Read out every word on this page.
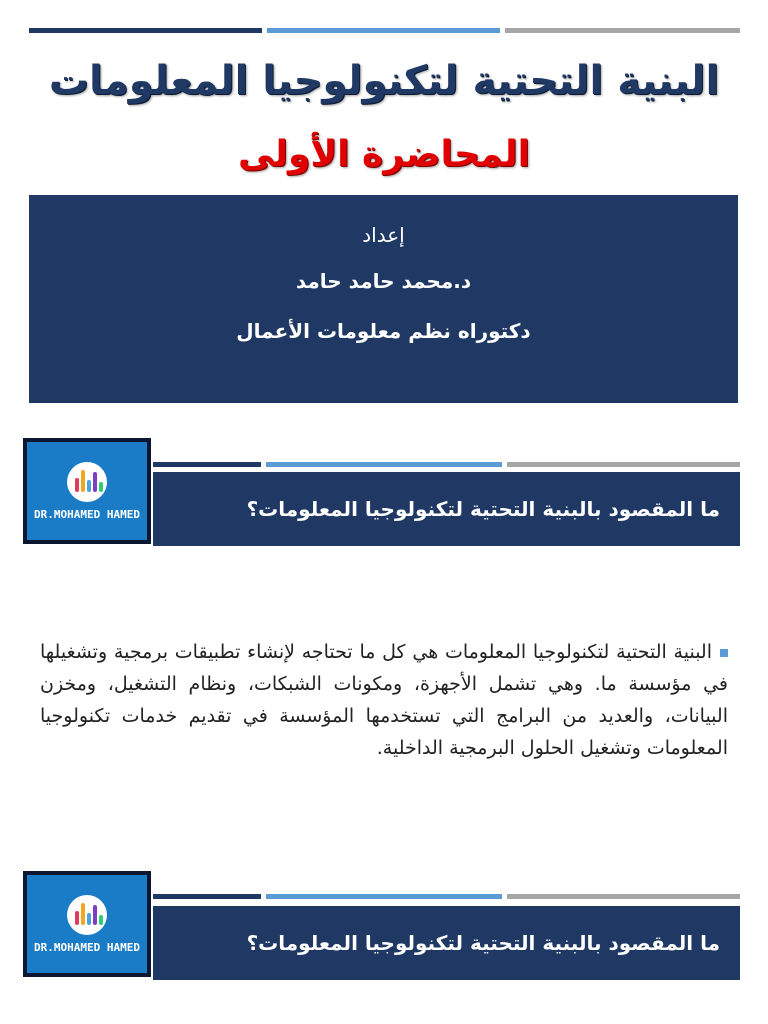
البنية التحتية لتكنولوجيا المعلومات
المحاضرة الأولى
إعداد
د.محمد حامد حامد
دكتوراه نظم معلومات الأعمال
DR.MOHAMED HAMED	ما المقصود بالبنية التحتية لتكنولوجيا المعلومات؟
البنية التحتية لتكنولوجيا المعلومات هي كل ما تحتاجه لإنشاء تطبيقات برمجية وتشغيلها في مؤسسة ما. وهي تشمل الأجهزة، ومكونات الشبكات، ونظام التشغيل، ومخزن البيانات، والعديد من البرامج التي تستخدمها المؤسسة في تقديم خدمات تكنولوجيا المعلومات وتشغيل الحلول البرمجية الداخلية.
DR.MOHAMED HAMED	ما المقصود بالبنية التحتية لتكنولوجيا المعلومات؟
